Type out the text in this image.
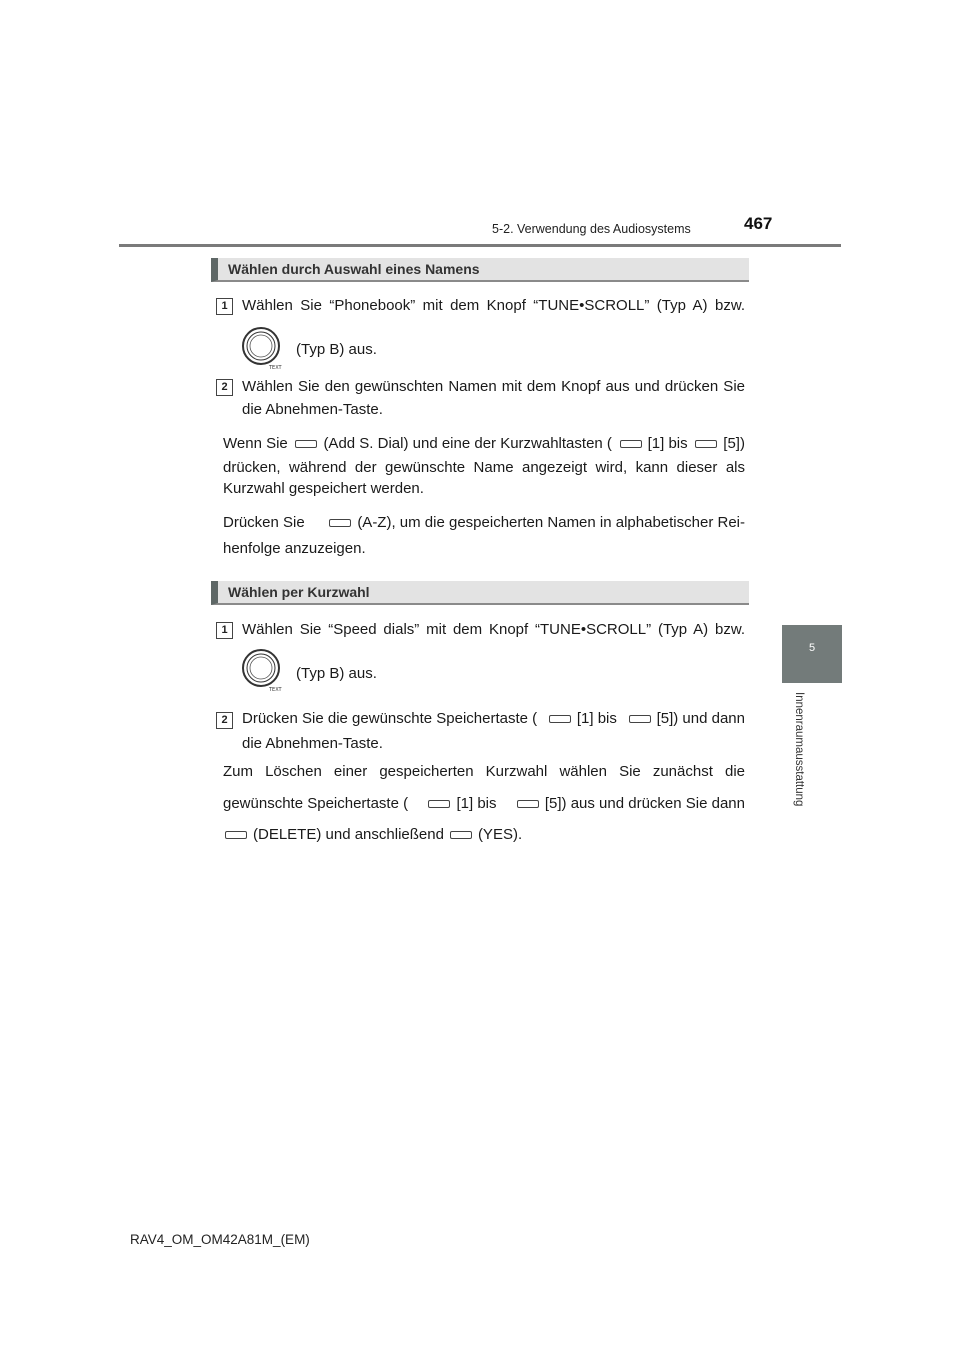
5-2. Verwendung des Audiosystems	467
5
Innenraumausstattung
Wählen durch Auswahl eines Namens
1 Wählen Sie “Phonebook” mit dem Knopf “TUNE•SCROLL” (Typ A) bzw.
TEXT
(Typ B) aus.
2 Wählen Sie den gewünschten Namen mit dem Knopf aus und drücken Sie
die Abnehmen-Taste.
Wenn Sie	(Add S. Dial) und eine der Kurzwahltasten (	[1] bis	[5])
drücken, während der gewünschte Name angezeigt wird, kann dieser als
Kurzwahl gespeichert werden.
Drücken Sie	(A-Z), um die gespeicherten Namen in alphabetischer Rei-
henfolge anzuzeigen.
Wählen per Kurzwahl
1 Wählen Sie “Speed dials” mit dem Knopf “TUNE•SCROLL” (Typ A) bzw.
TEXT
(Typ B) aus.
2 Drücken Sie die gewünschte Speichertaste (	[1] bis	[5]) und dann
die Abnehmen-Taste.
Zum Löschen einer gespeicherten Kurzwahl wählen Sie zunächst die
gewünschte Speichertaste (	[1] bis	[5]) aus und drücken Sie dann
(DELETE) und anschließend (YES).
RAV4_OM_OM42A81M_(EM)
